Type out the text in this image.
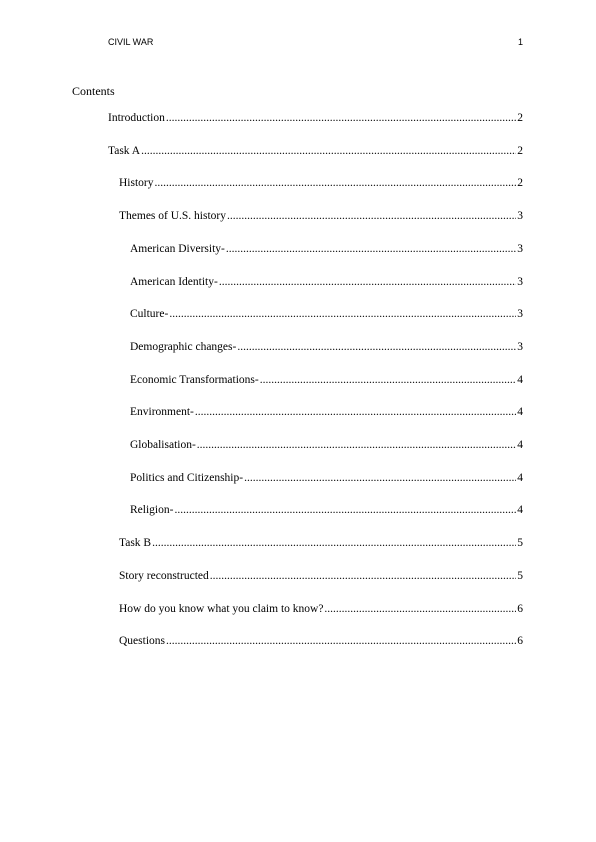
CIVIL WAR	1
Contents
Introduction .....	2
Task A .....	2
History .....	2
Themes of U.S. history .....	3
American Diversity- .....	3
American Identity- .....	3
Culture- .....	3
Demographic changes- .....	3
Economic Transformations- .....	4
Environment- .....	4
Globalisation- .....	4
Politics and Citizenship- .....	4
Religion- .....	4
Task B .....	5
Story reconstructed .....	5
How do you know what you claim to know? .....	6
Questions .....	6
